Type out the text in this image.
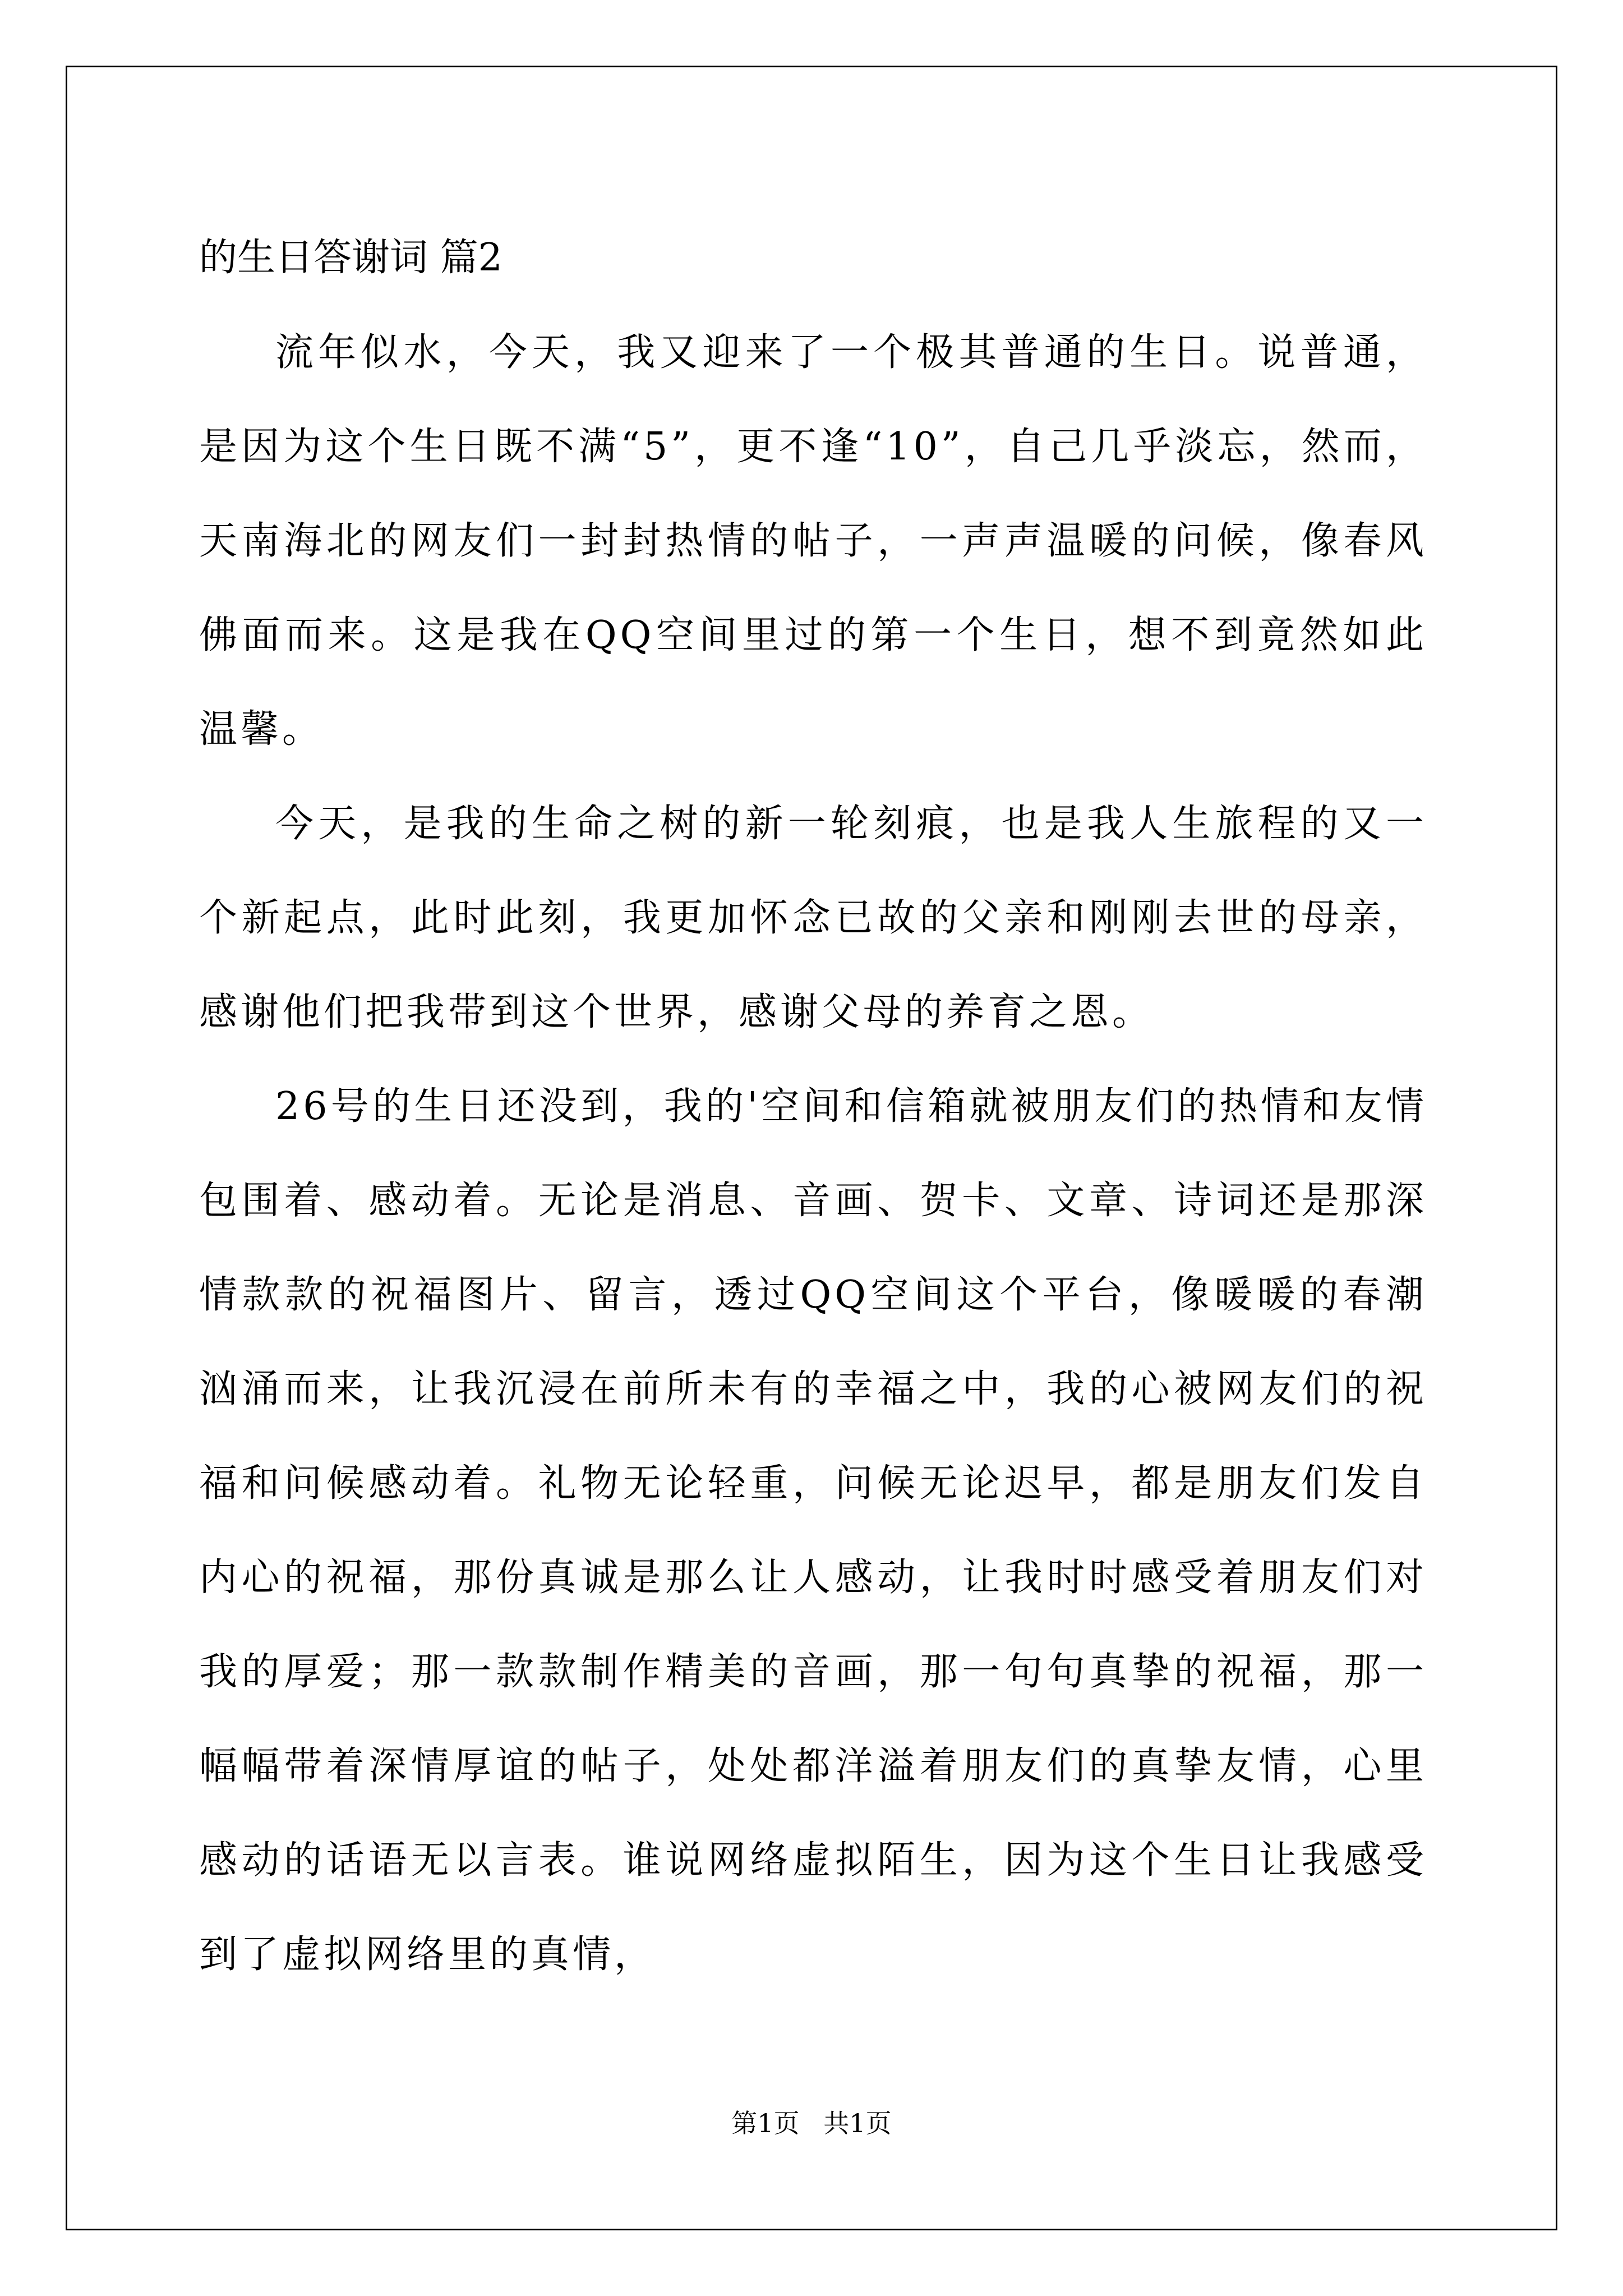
的生日答谢词 篇2

流年似水，今天，我又迎来了一个极其普通的生日。说普通，是因为这个生日既不满“5”，更不逢“10”，自己几乎淡忘，然而，天南海北的网友们一封封热情的帖子，一声声温暖的问候，像春风佛面而来。这是我在QQ空间里过的第一个生日，想不到竟然如此温馨。

今天，是我的生命之树的新一轮刻痕，也是我人生旅程的又一个新起点，此时此刻，我更加怀念已故的父亲和刚刚去世的母亲，感谢他们把我带到这个世界，感谢父母的养育之恩。

26号的生日还没到，我的'空间和信箱就被朋友们的热情和友情包围着、感动着。无论是消息、音画、贺卡、文章、诗词还是那深情款款的祝福图片、留言，透过QQ空间这个平台，像暖暖的春潮汹涌而来，让我沉浸在前所未有的幸福之中，我的心被网友们的祝福和问候感动着。礼物无论轻重，问候无论迟早，都是朋友们发自内心的祝福，那份真诚是那么让人感动，让我时时感受着朋友们对我的厚爱；那一款款制作精美的音画，那一句句真挚的祝福，那一幅幅带着深情厚谊的帖子，处处都洋溢着朋友们的真挚友情，心里感动的话语无以言表。谁说网络虚拟陌生，因为这个生日让我感受到了虚拟网络里的真情，

第1页 共1页
